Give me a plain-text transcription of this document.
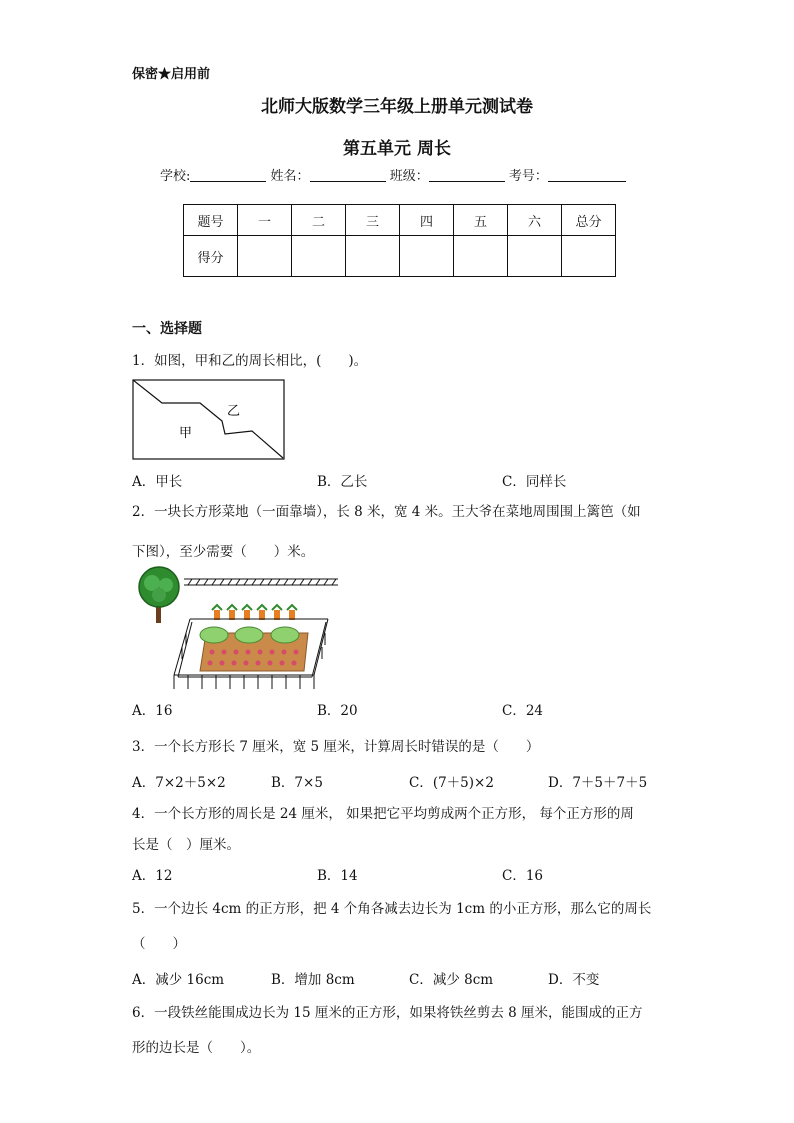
保密★启用前
北师大版数学三年级上册单元测试卷
第五单元 周长
学校:	姓名：	班级：	考号：
题号	一	二	三	四	五	六	总分
得分							
一、选择题
1．如图，甲和乙的周长相比，(　　)。
甲
乙
A．甲长	B．乙长	C．同样长
2．一块长方形菜地（一面靠墙），长 8 米，宽 4 米。王大爷在菜地周围围上篱笆（如
下图），至少需要（　　）米。
A．16	B．20	C．24
3．一个长方形长 7 厘米，宽 5 厘米，计算周长时错误的是（　　）
A．7×2＋5×2	B．7×5	C．(7＋5)×2	D．7＋5＋7＋5
4．一个长方形的周长是 24 厘米， 如果把它平均剪成两个正方形， 每个正方形的周
长是（　）厘米。
A．12	B．14	C．16
5．一个边长 4cm 的正方形，把 4 个角各减去边长为 1cm 的小正方形，那么它的周长
（　　）
A．减少 16cm	B．增加 8cm	C．减少 8cm	D．不变
6．一段铁丝能围成边长为 15 厘米的正方形，如果将铁丝剪去 8 厘米，能围成的正方
形的边长是（　　）。
